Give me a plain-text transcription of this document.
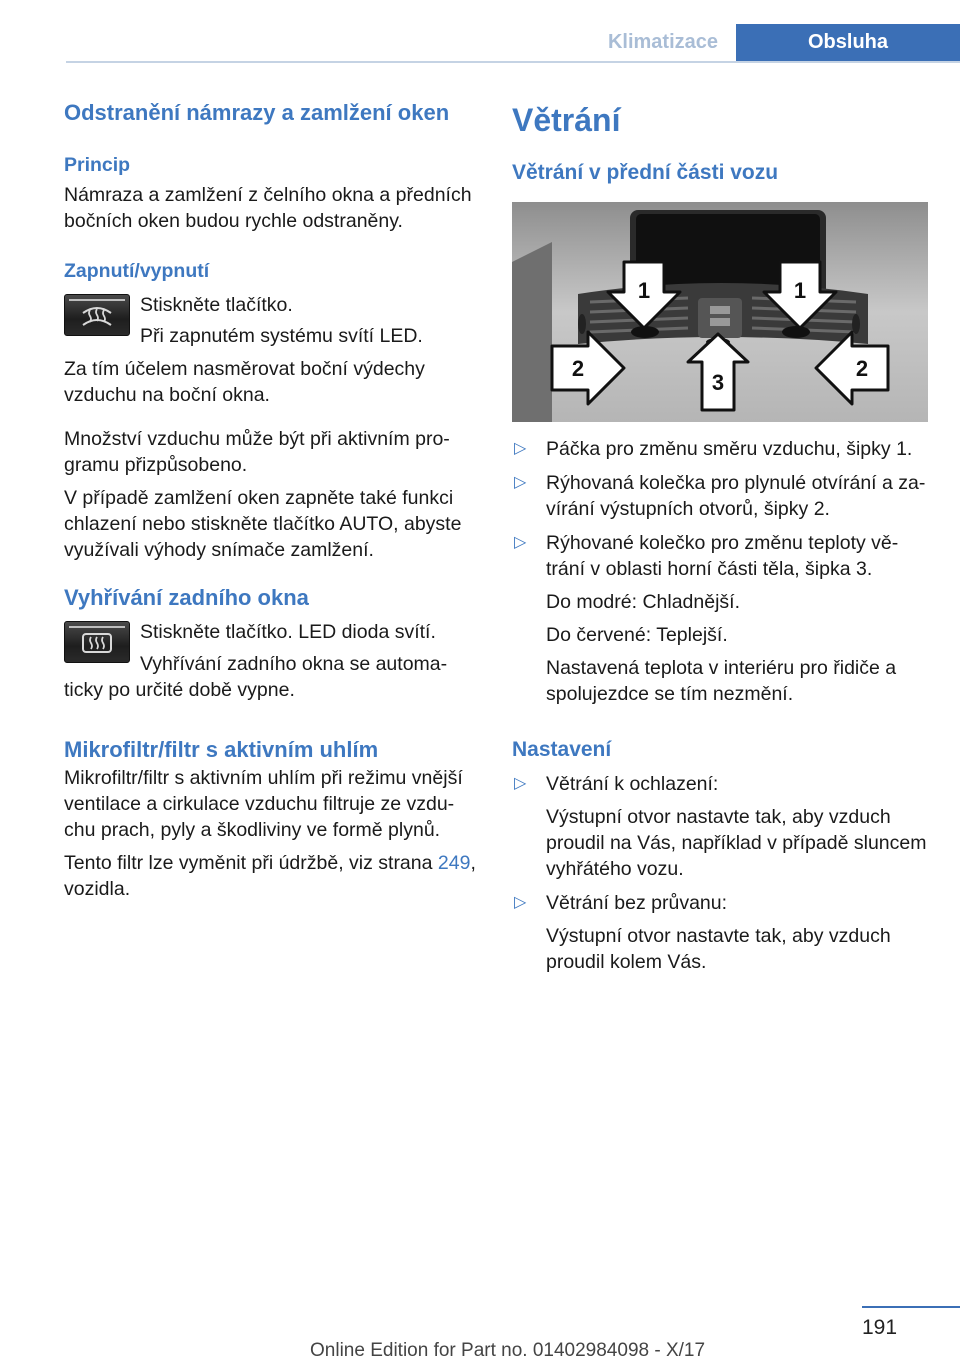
Klimatizace	Obsluha
Odstranění námrazy a zamlžení oken
Princip

Námraza a zamlžení z čelního okna a předních bočních oken budou rychle odstraněny.

Zapnutí/vypnutí

Stiskněte tlačítko.

Při zapnutém systému svítí LED.

Za tím účelem nasměrovat boční výdechy vzduchu na boční okna.

Množství vzduchu může být při aktivním pro‐gramu přizpůsobeno.

V případě zamlžení oken zapněte také funkci chlazení nebo stiskněte tlačítko AUTO, abyste využívali výhody snímače zamlžení.

Vyhřívání zadního okna

Stiskněte tlačítko. LED dioda svítí.

Vyhřívání zadního okna se automa‐ticky po určité době vypne.

Mikrofiltr/filtr s aktivním uhlím

Mikrofiltr/filtr s aktivním uhlím při režimu vnější ventilace a cirkulace vzduchu filtruje ze vzdu‐chu prach, pyly a škodliviny ve formě plynů.

Tento filtr lze vyměnit při údržbě, viz strana 249, vozidla.

Větrání
Větrání v přední části vozu
1	1
2
3
2
▷ Páčka pro změnu směru vzduchu, šipky 1.

▷ Rýhovaná kolečka pro plynulé otvírání a za‐vírání výstupních otvorů, šipky 2.

▷ Rýhované kolečko pro změnu teploty vě‐trání v oblasti horní části těla, šipka 3.

Do modré: Chladnější.

Do červené: Teplejší.

Nastavená teplota v interiéru pro řidiče a spolujezdce se tím nezmění.

Nastavení
▷ Větrání k ochlazení:

Výstupní otvor nastavte tak, aby vzduch proudil na Vás, například v případě sluncem vyhřátého vozu.

▷ Větrání bez průvanu:

Výstupní otvor nastavte tak, aby vzduch proudil kolem Vás.

191
Online Edition for Part no. 01402984098 - X/17
